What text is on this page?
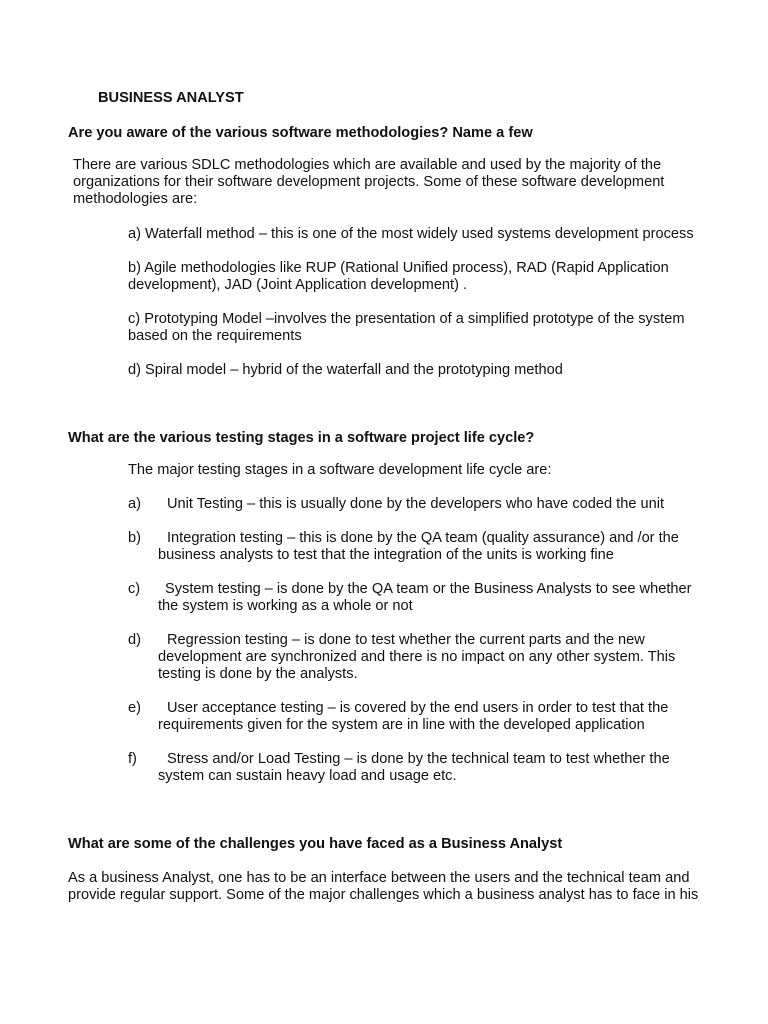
BUSINESS ANALYST
Are you aware of the various software methodologies? Name a few
There are various SDLC methodologies which are available and used by the majority of the organizations for their software development projects. Some of these software development methodologies are:
a) Waterfall method – this is one of the most widely used systems development process
b) Agile methodologies like RUP (Rational Unified process), RAD (Rapid Application development), JAD (Joint Application development) .
c) Prototyping Model –involves the presentation of a simplified prototype of the system based on the requirements
d) Spiral model – hybrid of the waterfall and the prototyping method
What are the various testing stages in a software project life cycle?
The major testing stages in a software development life cycle are:
a) Unit Testing – this is usually done by the developers who have coded the unit
b)	Integration testing – this is done by the QA team (quality assurance) and /or the business analysts to test that the integration of the units is working fine
c)	System testing – is done by the QA team or the Business Analysts to see whether the system is working as a whole or not
d)	Regression testing – is done to test whether the current parts and the new development are synchronized and there is no impact on any other system. This testing is done by the analysts.
e)	User acceptance testing – is covered by the end users in order to test that the requirements given for the system are in line with the developed application
f)	Stress and/or Load Testing – is done by the technical team to test whether the system can sustain heavy load and usage etc.
What are some of the challenges you have faced as a Business Analyst
As a business Analyst, one has to be an interface between the users and the technical team and provide regular support. Some of the major challenges which a business analyst has to face in his
